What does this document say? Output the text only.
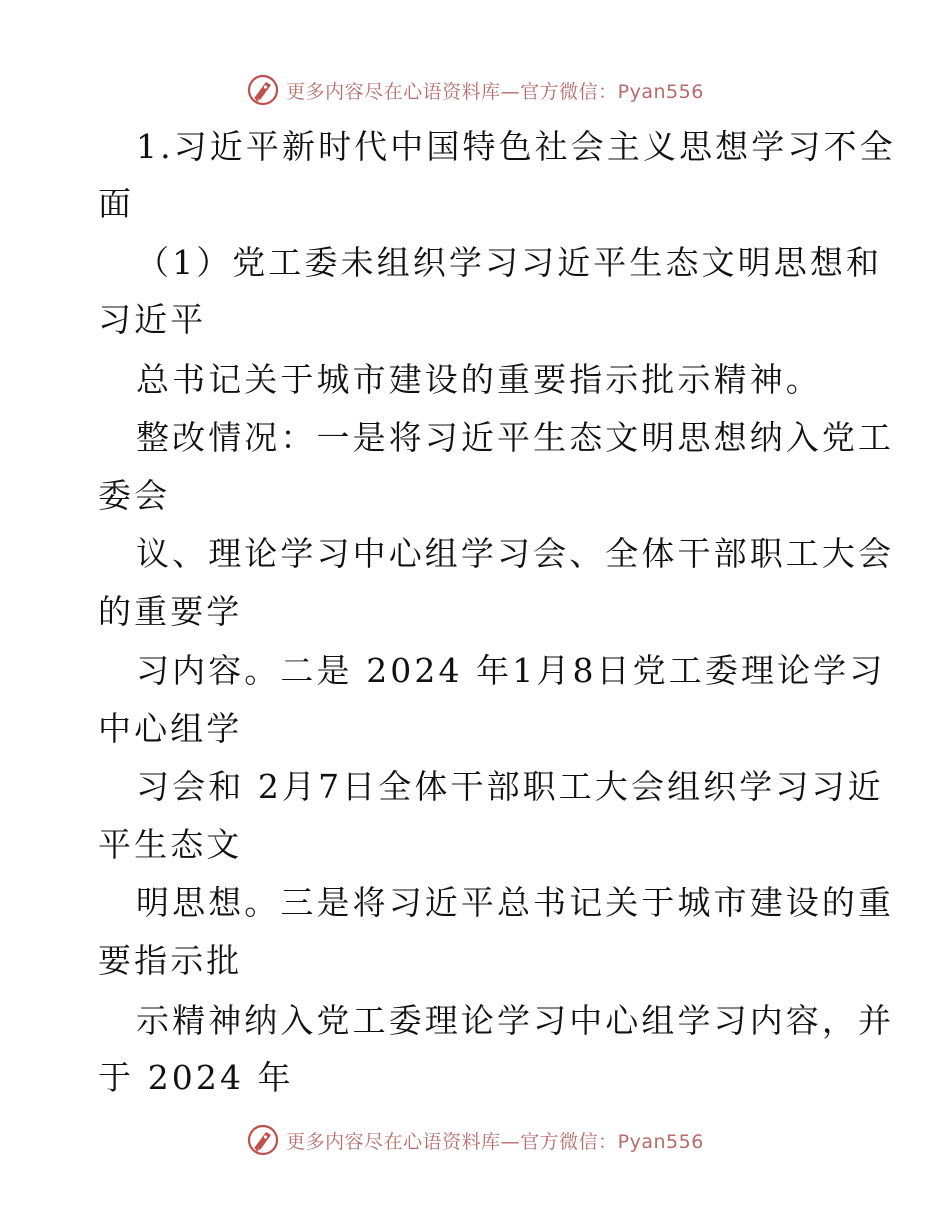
更多内容尽在心语资料库—官方微信：Pyan556
1.习近平新时代中国特色社会主义思想学习不全
面
（1）党工委未组织学习习近平生态文明思想和
习近平
总书记关于城市建设的重要指示批示精神。
整改情况：一是将习近平生态文明思想纳入党工
委会
议、理论学习中心组学习会、全体干部职工大会
的重要学
习内容。二是 2024 年1月8日党工委理论学习
中心组学
习会和 2月7日全体干部职工大会组织学习习近
平生态文
明思想。三是将习近平总书记关于城市建设的重
要指示批
示精神纳入党工委理论学习中心组学习内容，并
于 2024 年
更多内容尽在心语资料库—官方微信：Pyan556
